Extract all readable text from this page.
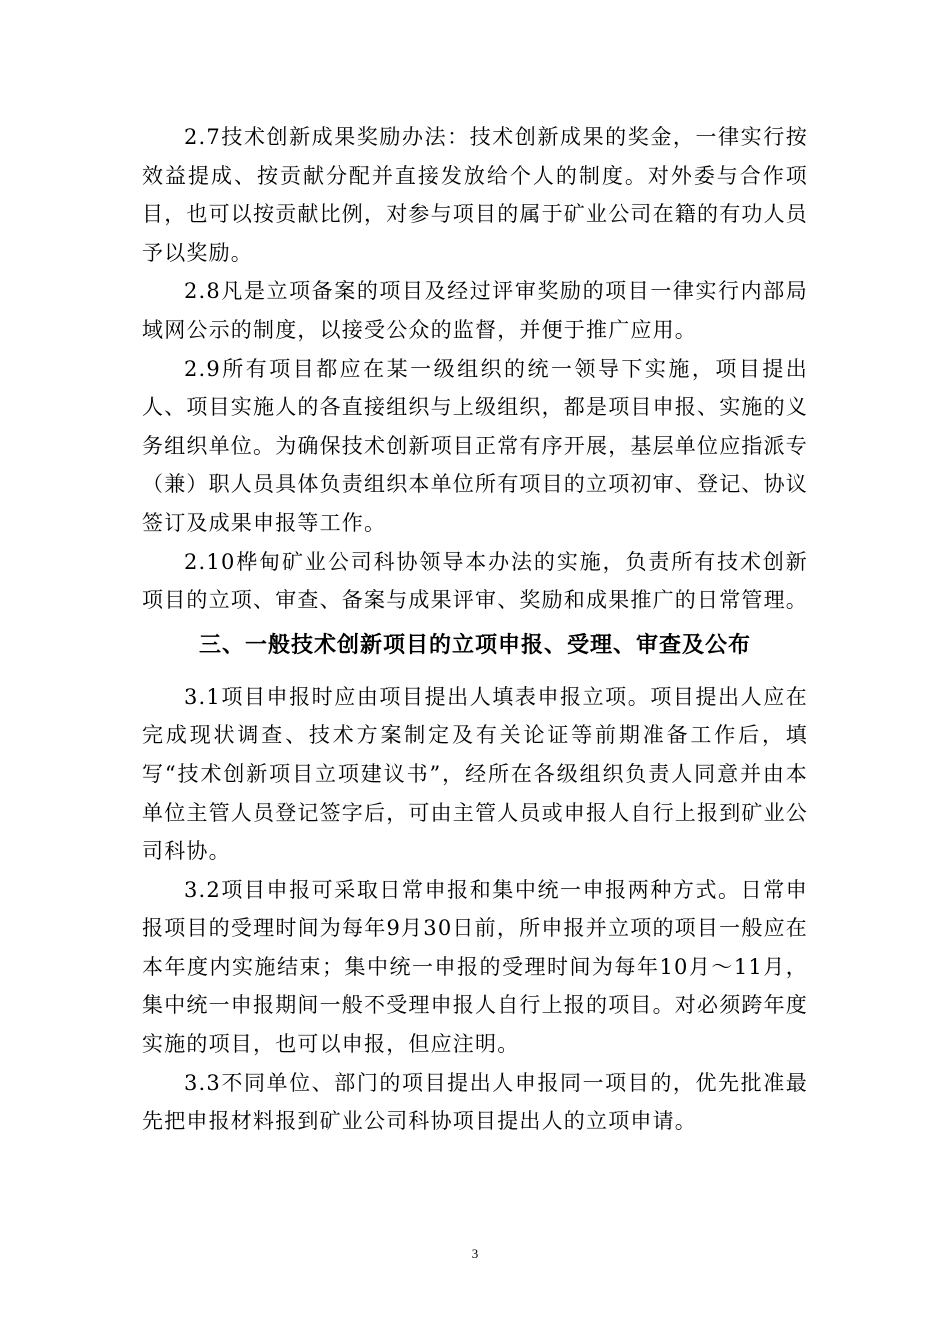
2.7技术创新成果奖励办法：技术创新成果的奖金，一律实行按效益提成、按贡献分配并直接发放给个人的制度。对外委与合作项目，也可以按贡献比例，对参与项目的属于矿业公司在籍的有功人员予以奖励。

2.8凡是立项备案的项目及经过评审奖励的项目一律实行内部局域网公示的制度，以接受公众的监督，并便于推广应用。

2.9所有项目都应在某一级组织的统一领导下实施，项目提出人、项目实施人的各直接组织与上级组织，都是项目申报、实施的义务组织单位。为确保技术创新项目正常有序开展，基层单位应指派专（兼）职人员具体负责组织本单位所有项目的立项初审、登记、协议签订及成果申报等工作。

2.10桦甸矿业公司科协领导本办法的实施，负责所有技术创新项目的立项、审查、备案与成果评审、奖励和成果推广的日常管理。

三、一般技术创新项目的立项申报、受理、审查及公布

3.1项目申报时应由项目提出人填表申报立项。项目提出人应在完成现状调查、技术方案制定及有关论证等前期准备工作后，填写“技术创新项目立项建议书”，经所在各级组织负责人同意并由本单位主管人员登记签字后，可由主管人员或申报人自行上报到矿业公司科协。

3.2项目申报可采取日常申报和集中统一申报两种方式。日常申报项目的受理时间为每年9月30日前，所申报并立项的项目一般应在本年度内实施结束；集中统一申报的受理时间为每年10月～11月，集中统一申报期间一般不受理申报人自行上报的项目。对必须跨年度实施的项目，也可以申报，但应注明。

3.3不同单位、部门的项目提出人申报同一项目的，优先批准最先把申报材料报到矿业公司科协项目提出人的立项申请。

3
